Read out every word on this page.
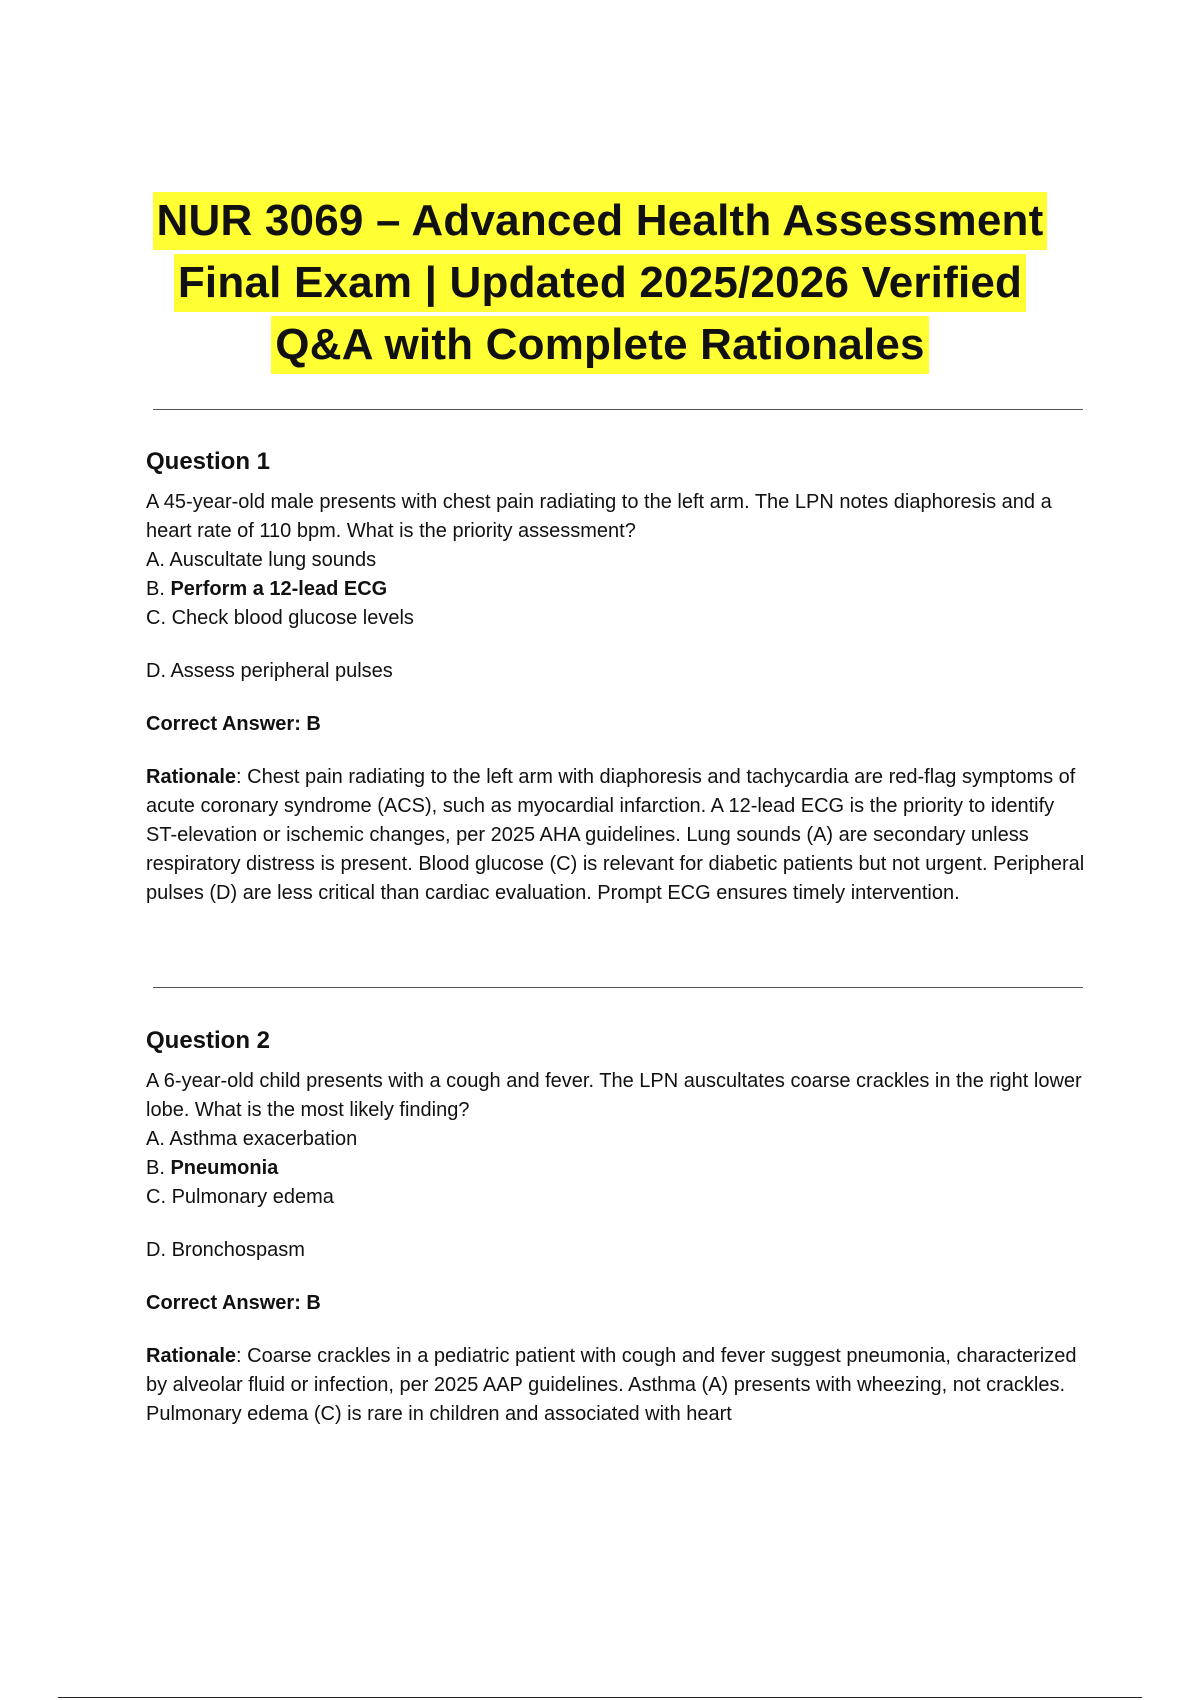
NUR 3069 – Advanced Health Assessment
Final Exam | Updated 2025/2026 Verified
Q&A with Complete Rationales
Question 1

A 45-year-old male presents with chest pain radiating to the left arm. The LPN notes diaphoresis and a heart rate of 110 bpm. What is the priority assessment?

A. Auscultate lung sounds

B. Perform a 12-lead ECG

C. Check blood glucose levels

D. Assess peripheral pulses

Correct Answer: B
Rationale: Chest pain radiating to the left arm with diaphoresis and tachycardia are red-flag symptoms of acute coronary syndrome (ACS), such as myocardial infarction. A 12-lead ECG is the priority to identify ST-elevation or ischemic changes, per 2025 AHA guidelines. Lung sounds (A) are secondary unless respiratory distress is present. Blood glucose (C) is relevant for diabetic patients but not urgent. Peripheral pulses (D) are less critical than cardiac evaluation. Prompt ECG ensures timely intervention.
Question 2

A 6-year-old child presents with a cough and fever. The LPN auscultates coarse crackles in the right lower lobe. What is the most likely finding?

A. Asthma exacerbation

B. Pneumonia

C. Pulmonary edema

D. Bronchospasm

Correct Answer: B
Rationale: Coarse crackles in a pediatric patient with cough and fever suggest pneumonia, characterized by alveolar fluid or infection, per 2025 AAP guidelines. Asthma (A) presents with wheezing, not crackles. Pulmonary edema (C) is rare in children and associated with heart
